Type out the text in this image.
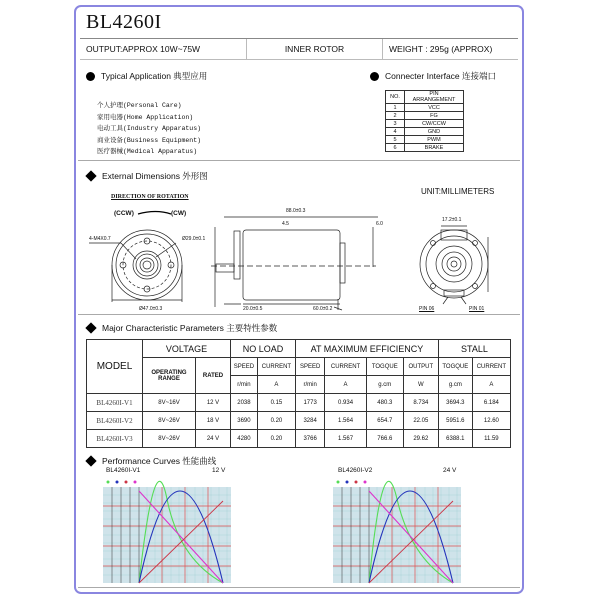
BL4260I
OUTPUT:APPROX 10W~75W	INNER ROTOR	WEIGHT : 295g (APPROX)
Typical Application 典型应用
个人护理(Personal Care)
家用电器(Home Application)
电动工具(Industry Apparatus)
商业设备(Business Equipment)
医疗器械(Medical Apparatus)
Connecter Interface 连接端口
NO.	PIN ARRANGEMENT
1	VCC
2	FG
3	CW/CCW
4	GND
5	PWM
6	BRAKE
External Dimensions 外形图
UNIT:MILLIMETERS
DIRECTION OF ROTATION
(CCW)	(CW)
4-M4X0.7	Ø29.0±0.1
Ø47.0±0.3
88.0±0.3
4.5	6.0
20.0±0.5	60.0±0.2
17.2±0.1
PIN 06	PIN 01
Major Characteristic Parameters 主要特性参数
MODEL	VOLTAGE		NO LOAD		AT MAXIMUM EFFICIENCY				STALL	
	OPERATING RANGE	RATED	SPEED	CURRENT	SPEED	CURRENT	TOGQUE	OUTPUT	TOGQUE	CURRENT
			r/min	A	r/min	A	g.cm	W	g.cm	A
BL4260I-V1	8V~16V	12 V	2038	0.15	1773	0.934	480.3	8.734	3694.3	6.184
BL4260I-V2	8V~26V	18 V	3690	0.20	3284	1.564	654.7	22.05	5951.6	12.60
BL4260I-V3	8V~26V	24 V	4280	0.20	3766	1.567	766.6	29.62	6388.1	11.59
Performance Curves 性能曲线
BL4260I-V1	12 V	BL4260I-V2	24 V
